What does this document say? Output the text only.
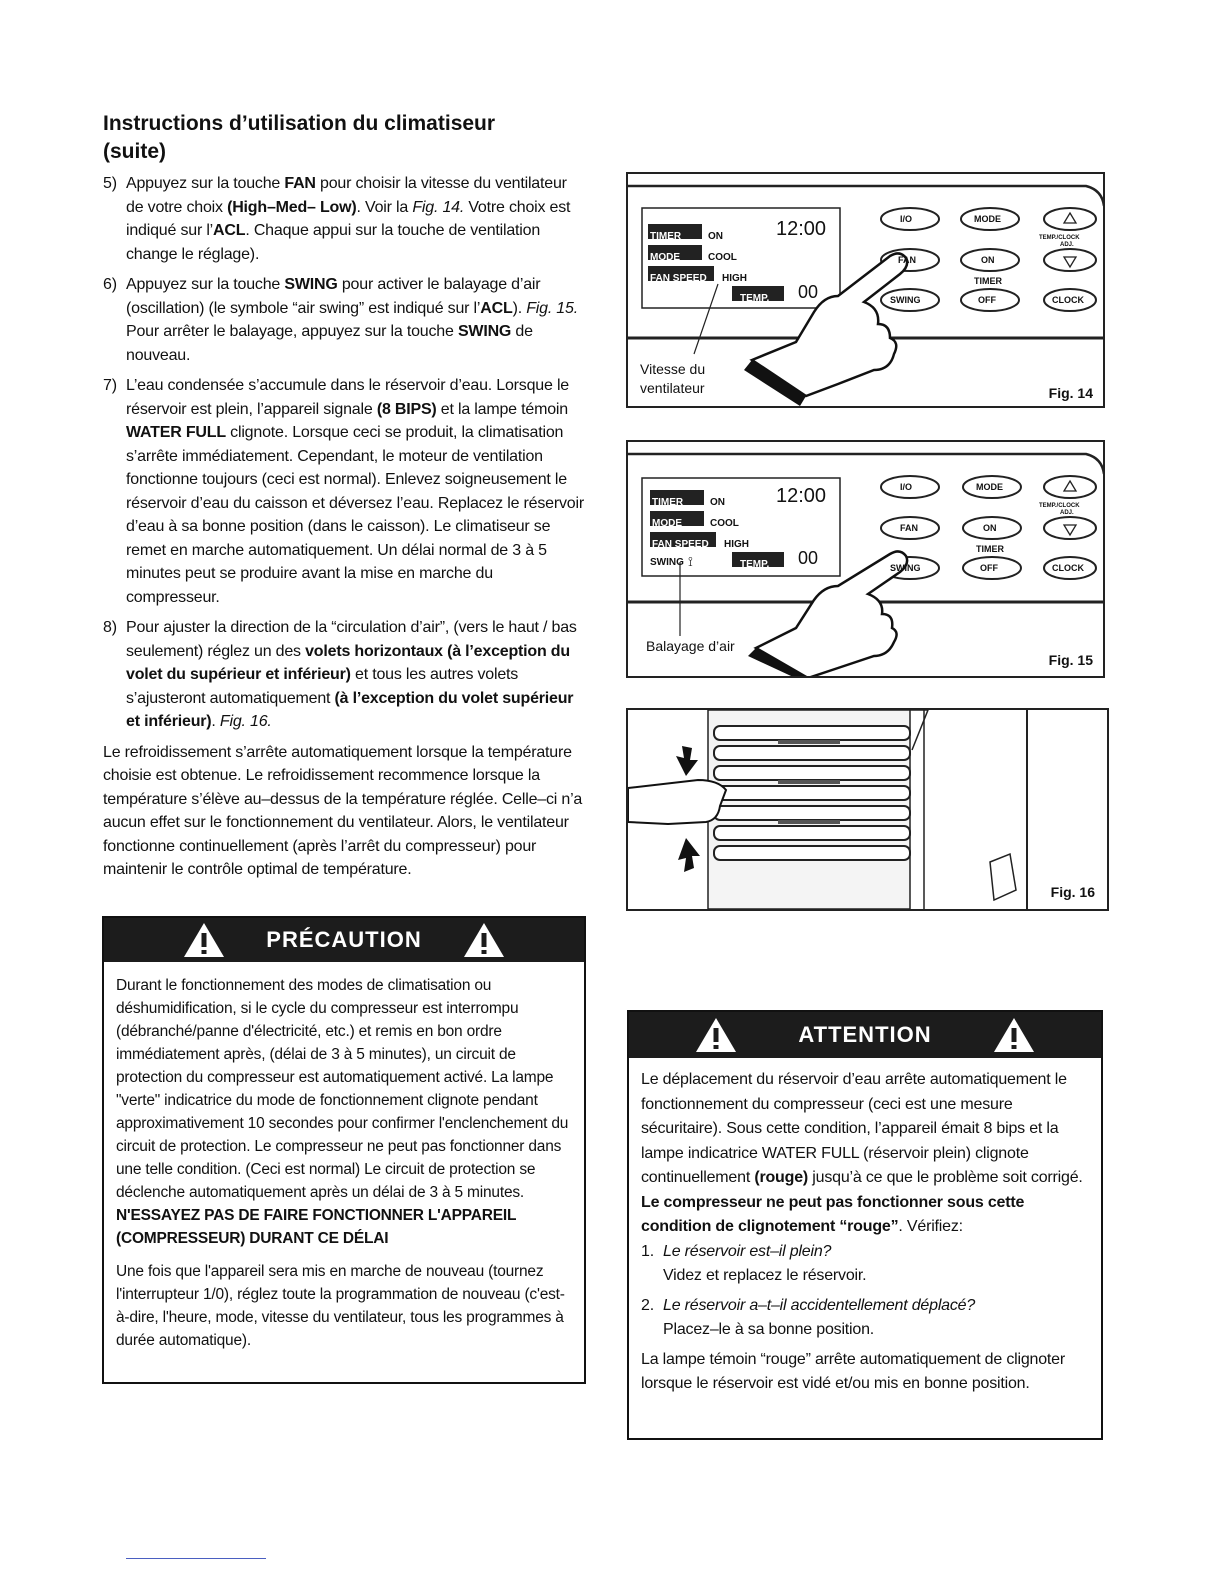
Instructions d’utilisation du climatiseur
(suite)

5) Appuyez sur la touche FAN pour choisir la vitesse du ventilateur de votre choix (High–Med– Low). Voir la Fig. 14. Votre choix est indiqué sur l’ACL. Chaque appui sur la touche de ventilation change le réglage).

6) Appuyez sur la touche SWING pour activer le balayage d’air (oscillation) (le symbole “air swing” est indiqué sur l’ACL). Fig. 15. Pour arrêter le balayage, appuyez sur la touche SWING de nouveau.

7) L’eau condensée s’accumule dans le réservoir d’eau. Lorsque le réservoir est plein, l’appareil signale (8 BIPS) et la lampe témoin WATER FULL clignote. Lorsque ceci se produit, la climatisation s’arrête immédiatement. Cependant, le moteur de ventilation fonctionne toujours (ceci est normal). Enlevez soigneusement le réservoir d’eau du caisson et déversez l’eau. Replacez le réservoir d’eau à sa bonne position (dans le caisson). Le climatiseur se remet en marche automatiquement. Un délai normal de 3 à 5 minutes peut se produire avant la mise en marche du compresseur.

8) Pour ajuster la direction de la “circulation d’air”, (vers le haut / bas seulement) réglez un des volets horizontaux (à l’exception du volet du supérieur et inférieur) et tous les autres volets s’ajusteront automatiquement (à l’exception du volet supérieur et inférieur). Fig. 16.

Le refroidissement s’arrête automatiquement lorsque la température choisie est obtenue. Le refroidissement recommence lorsque la température s’élève au–dessus de la température réglée. Celle–ci n’a aucun effet sur le fonctionnement du ventilateur. Alors, le ventilateur fonctionne continuellement (après l’arrêt du compresseur) pour maintenir le contrôle optimal de température.

PRÉCAUTION

Durant le fonctionnement des modes de climatisation ou déshumidification, si le cycle du compresseur est interrompu (débranché/panne d'électricité, etc.) et remis en bon ordre immédiatement après, (délai de 3 à 5 minutes), un circuit de protection du compresseur est automatiquement activé. La lampe "verte" indicatrice du mode de fonctionnement clignote pendant approximativement 10 secondes pour confirmer l'enclenchement du circuit de protection. Le compresseur ne peut pas fonctionner dans une telle condition. (Ceci est normal) Le circuit de protection se déclenche automatiquement après un délai de 3 à 5 minutes.

N'ESSAYEZ PAS DE FAIRE FONCTIONNER L'APPAREIL (COMPRESSEUR) DURANT CE DÉLAI

Une fois que l'appareil sera mis en marche de nouveau (tournez l'interrupteur 1/0), réglez toute la programmation de nouveau (c'est-à-dire, l'heure, mode, vitesse du ventilateur, tous les programmes à durée automatique).

TIMER	ON	12:00
MODE	COOL
FAN SPEED HIGH
TEMP. 00
I/O	MODE
TEMP./CLOCK
ADJ.
FAN	ON
TIMER
SWING	OFF	CLOCK
Vitesse du
ventilateur	Fig. 14
TIMER	ON	12:00
MODE	COOL
FAN SPEED HIGH
SWING ⟟	TEMP. 00
I/O	MODE
TEMP./CLOCK
ADJ.
FAN	ON
TIMER
SWING	OFF	CLOCK
Balayage d’air
Fig. 15
Fig. 16
ATTENTION

Le déplacement du réservoir d’eau arrête automatiquement le fonctionnement du compresseur (ceci est une mesure sécuritaire). Sous cette condition, l’appareil émait 8 bips et la lampe indicatrice WATER FULL (réservoir plein) clignote continuellement (rouge) jusqu’à ce que le problème soit corrigé. Le compresseur ne peut pas fonctionner sous cette condition de clignotement “rouge”. Vérifiez:

1. Le réservoir est–il plein?
Videz et replacez le réservoir.
2. Le réservoir a–t–il accidentellement déplacé?
Placez–le à sa bonne position.

La lampe témoin “rouge” arrête automatiquement de clignoter lorsque le réservoir est vidé et/ou mis en bonne position.
